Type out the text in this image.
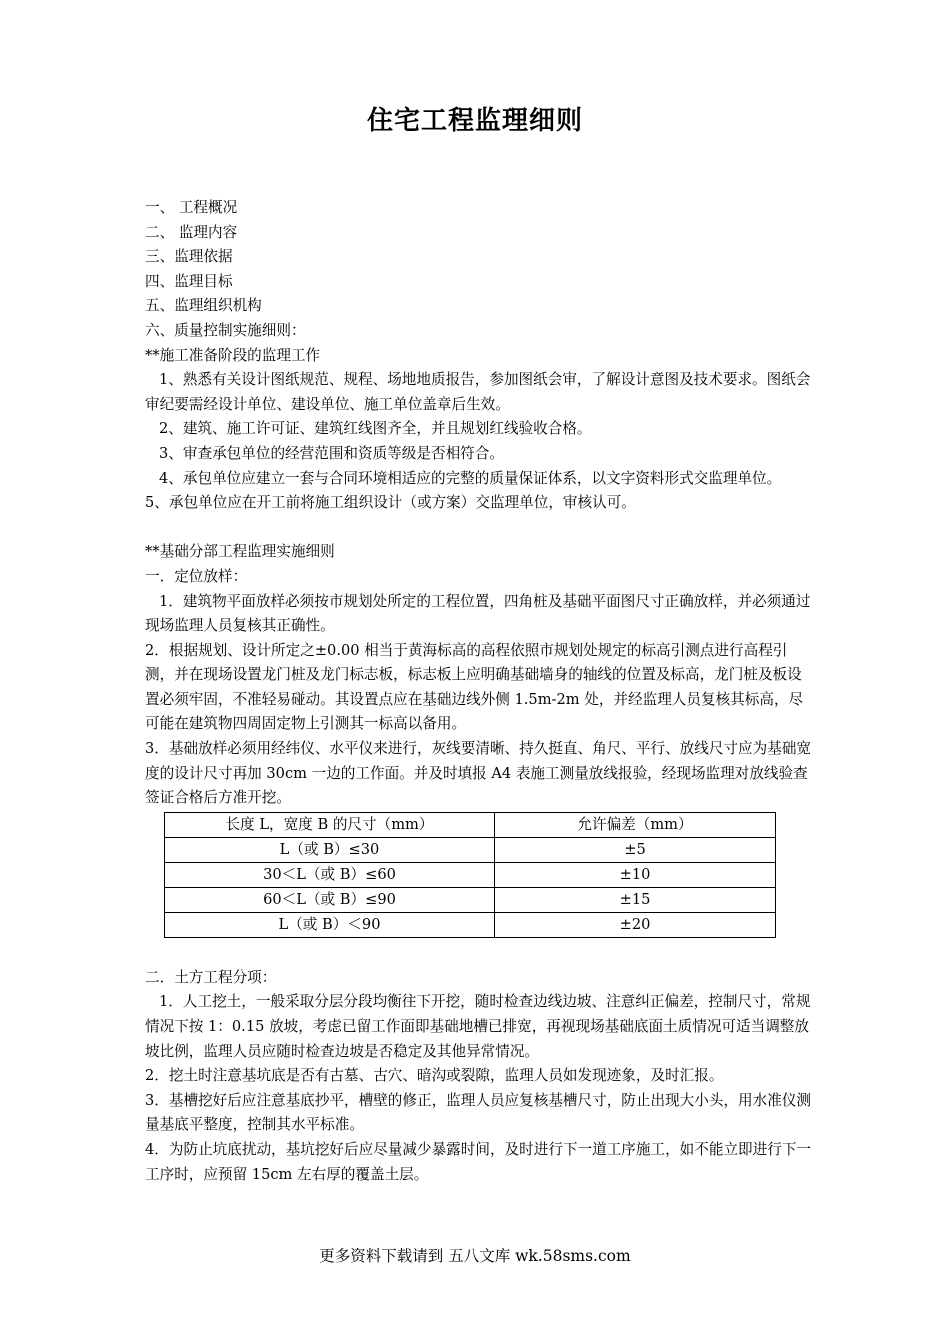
住宅工程监理细则

一、 工程概况

二、 监理内容

三、监理依据

四、监理目标

五、监理组织机构

六、质量控制实施细则：

**施工准备阶段的监理工作

1、熟悉有关设计图纸规范、规程、场地地质报告，参加图纸会审，了解设计意图及技术要求。图纸会审纪要需经设计单位、建设单位、施工单位盖章后生效。

2、建筑、施工许可证、建筑红线图齐全，并且规划红线验收合格。

3、审查承包单位的经营范围和资质等级是否相符合。

4、承包单位应建立一套与合同环境相适应的完整的质量保证体系，以文字资料形式交监理单位。

5、承包单位应在开工前将施工组织设计（或方案）交监理单位，审核认可。

**基础分部工程监理实施细则

一．定位放样：

1．建筑物平面放样必须按市规划处所定的工程位置，四角桩及基础平面图尺寸正确放样，并必须通过现场监理人员复核其正确性。

2．根据规划、设计所定之±0.00 相当于黄海标高的高程依照市规划处规定的标高引测点进行高程引测，并在现场设置龙门桩及龙门标志板，标志板上应明确基础墙身的轴线的位置及标高，龙门桩及板设置必须牢固，不准轻易碰动。其设置点应在基础边线外侧 1.5m-2m 处，并经监理人员复核其标高，尽可能在建筑物四周固定物上引测其一标高以备用。

3．基础放样必须用经纬仪、水平仪来进行，灰线要清晰、持久挺直、角尺、平行、放线尺寸应为基础宽度的设计尺寸再加 30cm 一边的工作面。并及时填报 A4 表施工测量放线报验，经现场监理对放线验查签证合格后方准开挖。

长度 L，宽度 B 的尺寸（mm）	允许偏差（mm）
L（或 B）≤30	±5
30＜L（或 B）≤60	±10
60＜L（或 B）≤90	±15
L（或 B）＜90	±20

二．土方工程分项：

1．人工挖土，一般采取分层分段均衡往下开挖，随时检查边线边坡、注意纠正偏差，控制尺寸，常规情况下按 1：0.15 放坡，考虑已留工作面即基础地槽已排宽，再视现场基础底面土质情况可适当调整放坡比例，监理人员应随时检查边坡是否稳定及其他异常情况。

2．挖土时注意基坑底是否有古墓、古穴、暗沟或裂隙，监理人员如发现迹象，及时汇报。

3．基槽挖好后应注意基底抄平，槽壁的修正，监理人员应复核基槽尺寸，防止出现大小头，用水准仪测量基底平整度，控制其水平标准。

4．为防止坑底扰动，基坑挖好后应尽量减少暴露时间，及时进行下一道工序施工，如不能立即进行下一工序时，应预留 15cm 左右厚的覆盖土层。

更多资料下载请到 五八文库 wk.58sms.com
